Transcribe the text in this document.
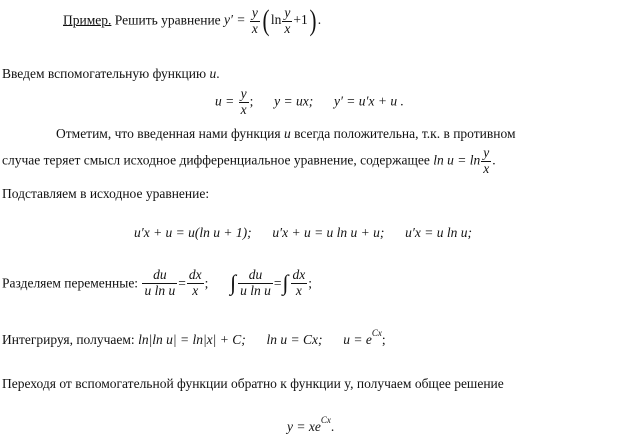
Пример. Решить уравнение $y' = \frac{y}{x}$ ( $\ln \frac{y}{x} +1$) .
Введем вспомогательную функцию u.
$u = \frac{y}{x}$ ; y = ux; y′ = u′x + u .
Отметим, что введенная нами функция u всегда положительна, т.к. в противном
случае теряет смысл исходное дифференциальное уравнение, содержащее $\ln u = \ln \frac{y}{x}$ .
Подставляем в исходное уравнение:
u′x + u = u(ln u + 1); u′x + u = u ln u + u; u′x = u ln u;
Разделяем переменные: $\frac{du}{\text{u ln u}} = \frac{dx}{x}$ ; ∫ $\frac{du}{\text{u ln u}}$ =∫ $\frac{dx}{x}$ ;
Интегрируя, получаем: ln|ln u| = ln|x| + C; ln u = Cx; $u = e^{Cx}$;
Переходя от вспомогательной функции обратно к функции y, получаем общее решение
$y = xe^{Cx}$.
